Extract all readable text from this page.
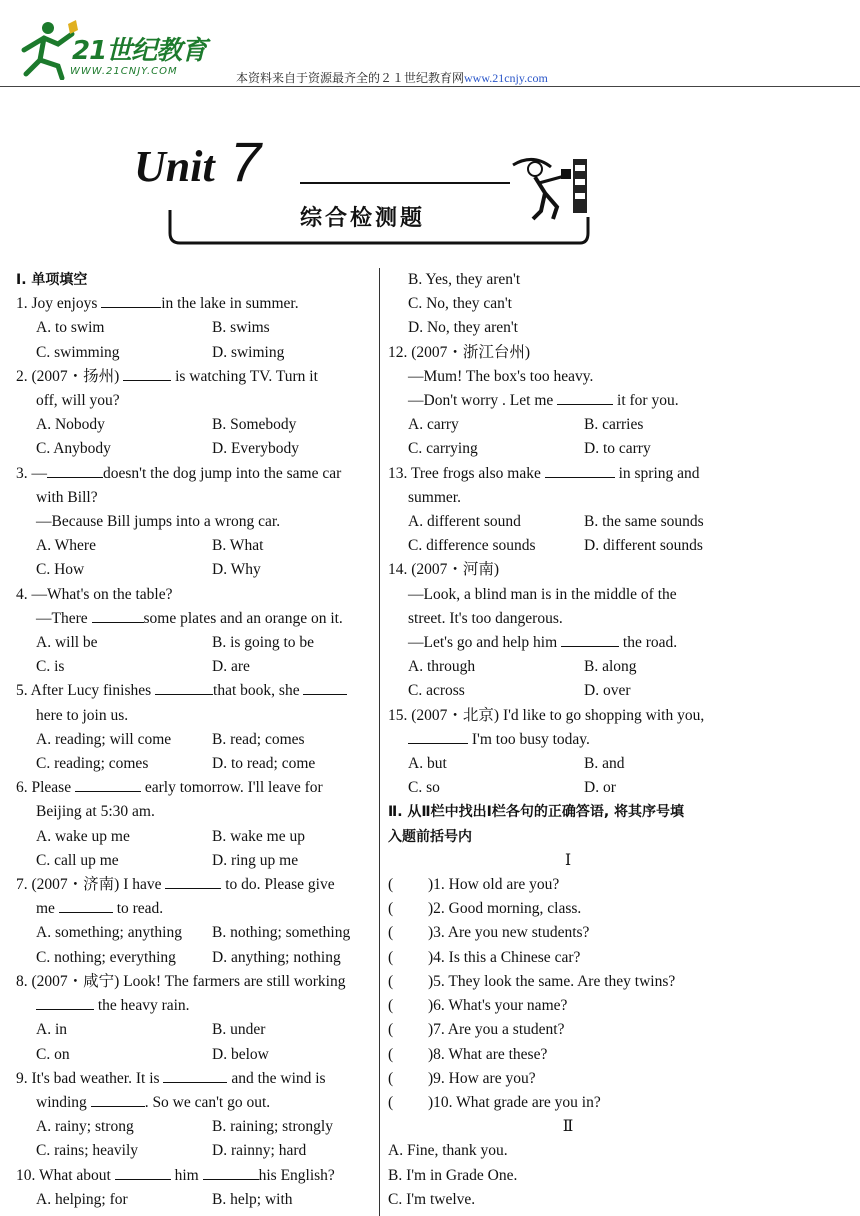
21世纪教育
WWW.21CNJY.COM	本资料来自于资源最齐全的２１世纪教育网www.21cnjy.com
Unit 7
综合检测题
Ⅰ. 单项填空
1. Joy enjoys	in the lake in summer.
A. to swim	B. swims
C. swimming	D. swiming
2. (2007・扬州)	is watching TV. Turn it
off, will you?
A. Nobody	B. Somebody
C. Anybody	D. Everybody
3. —	doesn't the dog jump into the same car
with Bill?
—Because Bill jumps into a wrong car.
A. Where	B. What
C. How	D. Why
4. —What's on the table?
—There	some plates and an orange on it.
A. will be	B. is going to be
C. is	D. are
5. After Lucy finishes	that book, she
here to join us.
A. reading; will come	B. read; comes
C. reading; comes	D. to read; come
6. Please	early tomorrow. I'll leave for
Beijing at 5:30 am.
A. wake up me	B. wake me up
C. call up me	D. ring up me
7. (2007・济南) I have	to do. Please give
me	to read.
A. something; anything	B. nothing; something
C. nothing; everything	D. anything; nothing
8. (2007・咸宁) Look! The farmers are still working
the heavy rain.
A. in	B. under
C. on	D. below
9. It's bad weather. It is	and the wind is
winding	. So we can't go out.
A. rainy; strong	B. raining; strongly
C. rains; heavily	D. rainny; hard
10. What about	him	his English?
A. helping; for	B. help; with
B. Yes, they aren't
C. No, they can't
D. No, they aren't
12. (2007・浙江台州)
—Mum! The box's too heavy.
—Don't worry . Let me	it for you.
A. carry	B. carries
C. carrying	D. to carry
13. Tree frogs also make	in spring and
summer.
A. different sound	B. the same sounds
C. difference sounds	D. different sounds
14. (2007・河南)
—Look, a blind man is in the middle of the
street. It's too dangerous.
—Let's go and help him	the road.
A. through	B. along
C. across	D. over
15. (2007・北京) I'd like to go shopping with you,
I'm too busy today.
A. but	B. and
C. so	D. or
Ⅱ. 从Ⅱ栏中找出Ⅰ栏各句的正确答语, 将其序号填
入题前括号内
Ⅰ
( )1. How old are you?
( )2. Good morning, class.
( )3. Are you new students?
( )4. Is this a Chinese car?
( )5. They look the same. Are they twins?
( )6. What's your name?
( )7. Are you a student?
( )8. What are these?
( )9. How are you?
( )10. What grade are you in?
Ⅱ
A. Fine, thank you.
B. I'm in Grade One.
C. I'm twelve.
